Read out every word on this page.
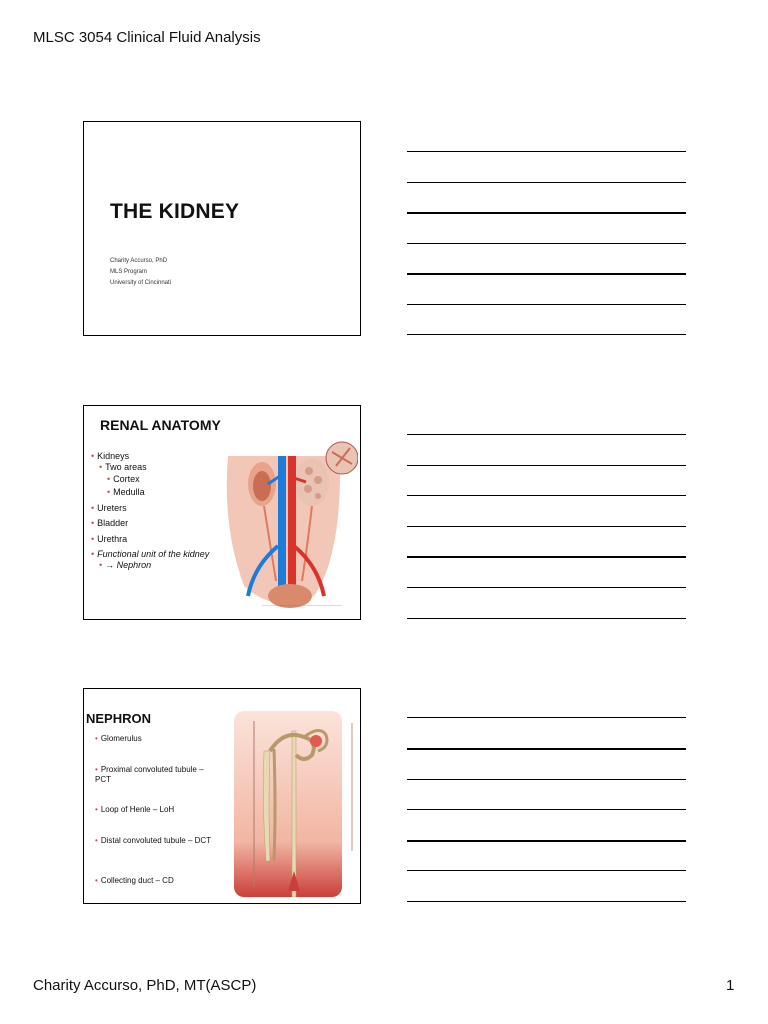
MLSC 3054 Clinical Fluid Analysis
THE KIDNEY
Charity Accurso, PhD
MLS Program
University of Cincinnati
RENAL ANATOMY
• Kidneys
• Two areas
• Cortex
• Medulla
• Ureters
• Bladder
• Urethra
• Functional unit of the kidney
• → Nephron
————————————————————
NEPHRON
• Glomerulus
• Proximal convoluted tubule – PCT
• Loop of Henle – LoH
• Distal convoluted tubule – DCT
• Collecting duct – CD
Charity Accurso, PhD, MT(ASCP)	1
